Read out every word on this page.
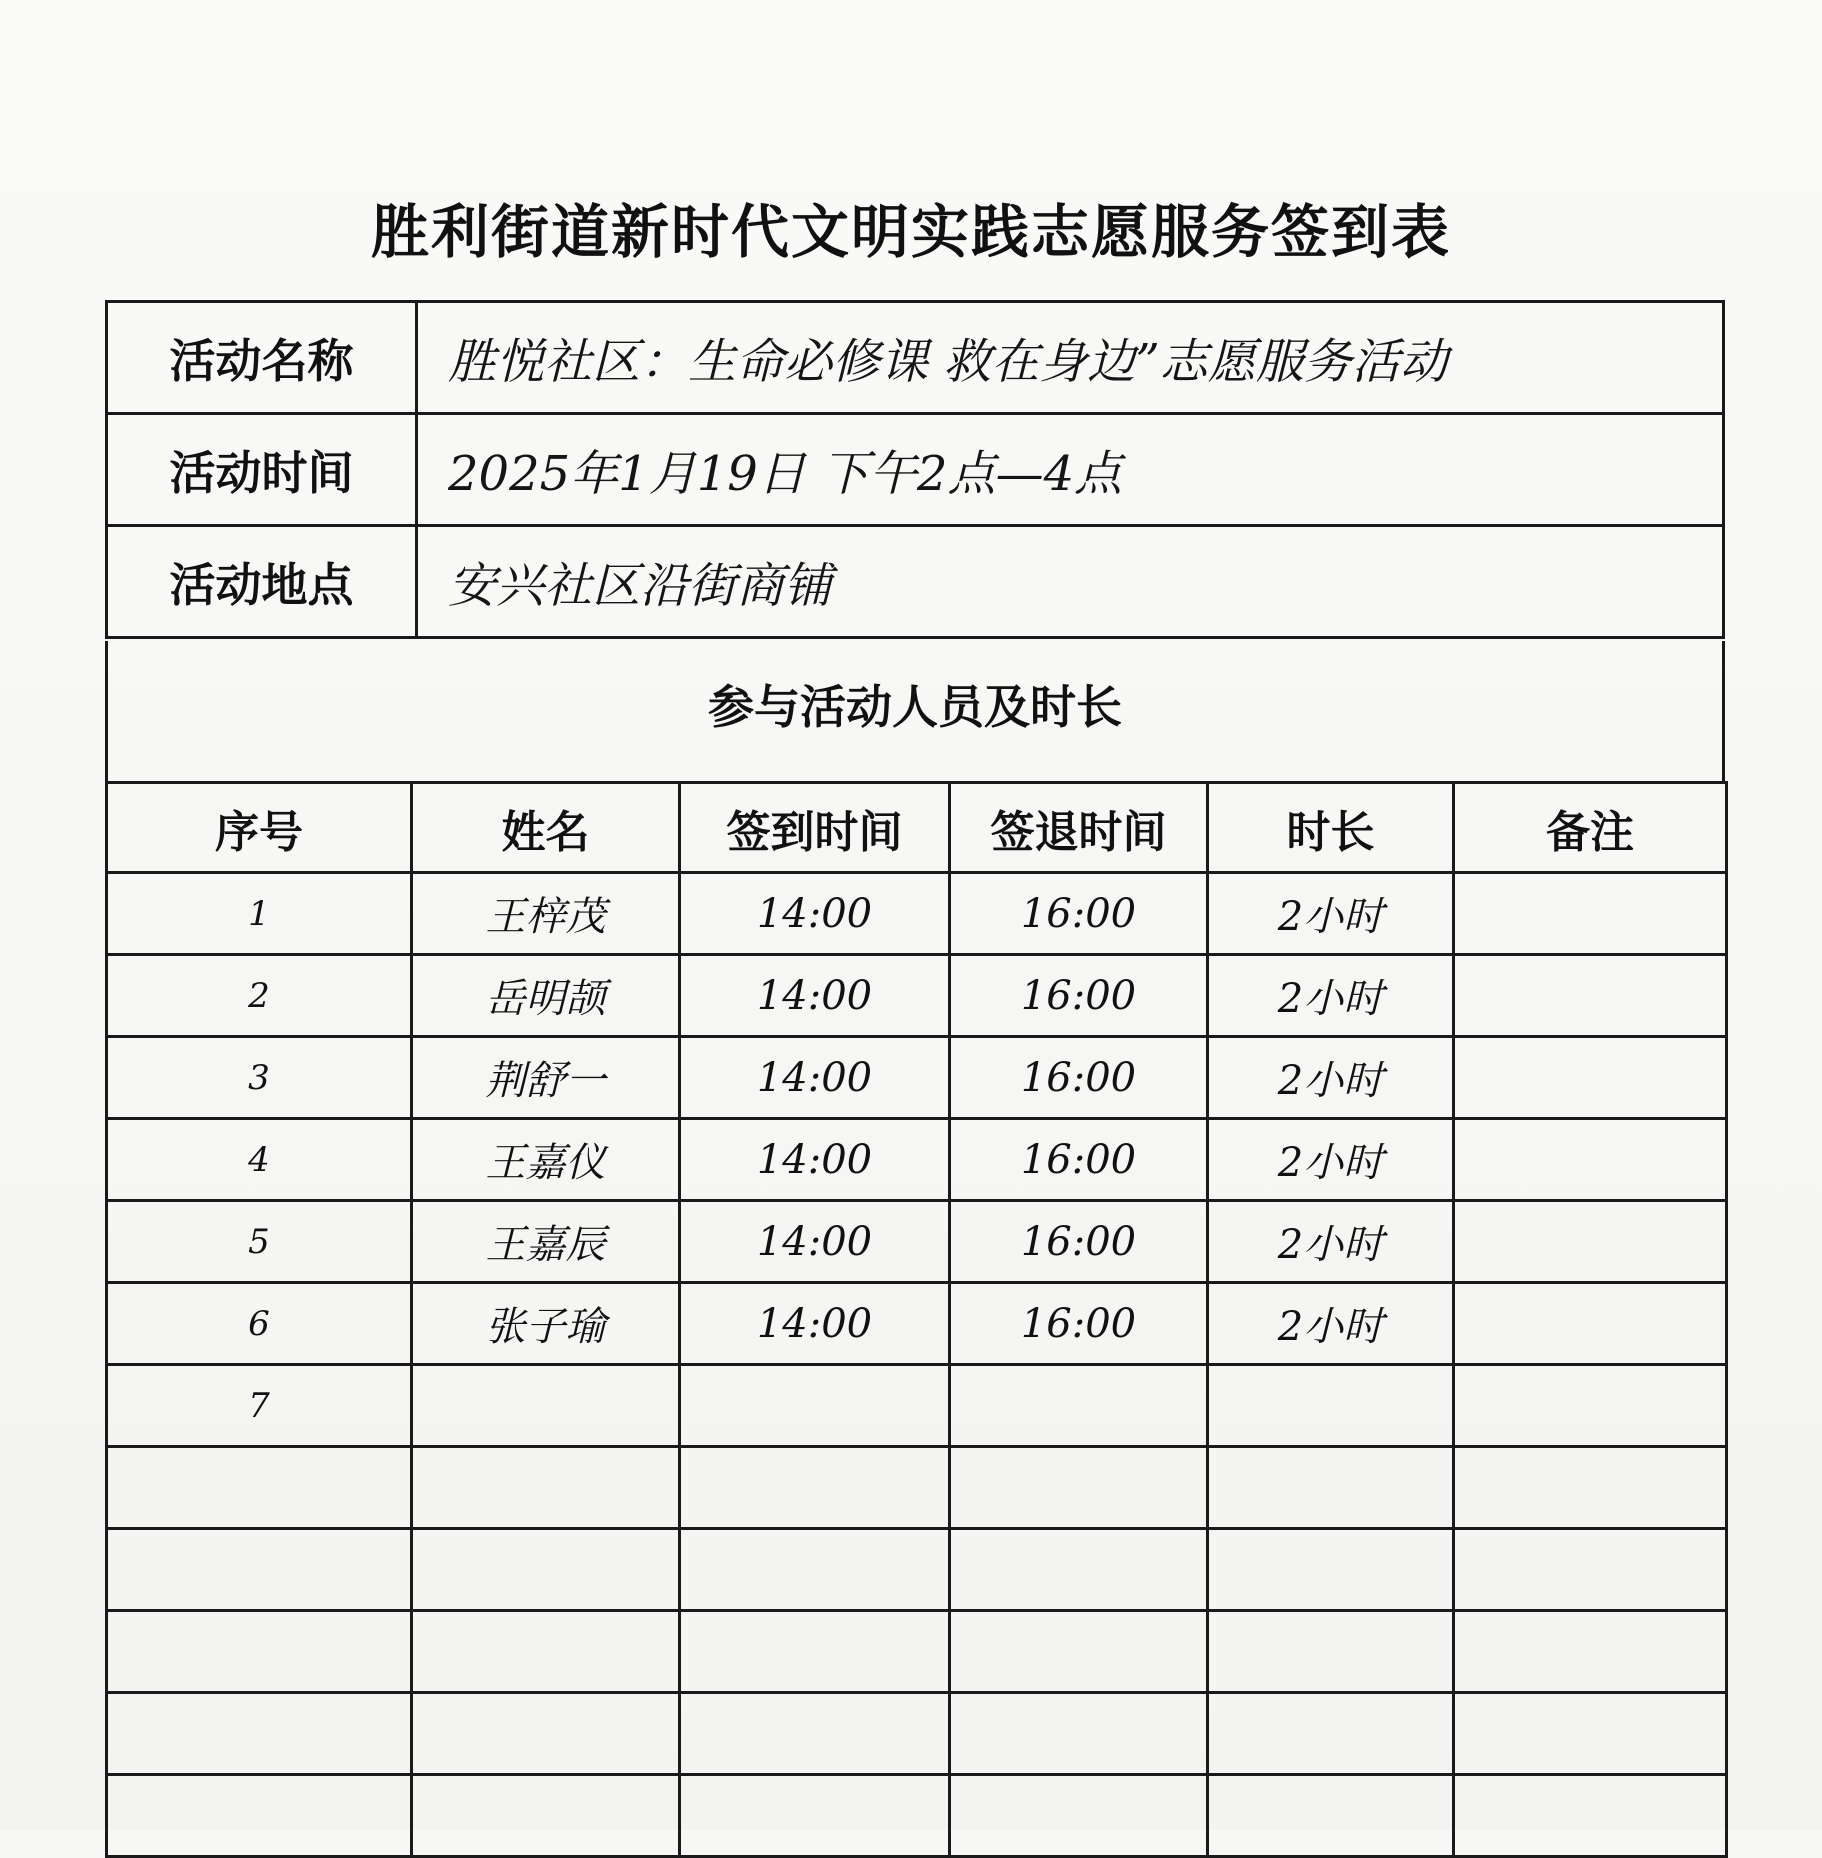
胜利街道新时代文明实践志愿服务签到表
活动名称	胜悦社区：生命必修课 救在身边”志愿服务活动
活动时间	2025年1月19日 下午2点—4点
活动地点	安兴社区沿街商铺
参与活动人员及时长
序号	姓名	签到时间	签退时间	时长	备注
1	王梓茂	14:00	16:00	2小时	
2	岳明颉	14:00	16:00	2小时	
3	荆舒一	14:00	16:00	2小时	
4	王嘉仪	14:00	16:00	2小时	
5	王嘉辰	14:00	16:00	2小时	
6	张子瑜	14:00	16:00	2小时	
7					
